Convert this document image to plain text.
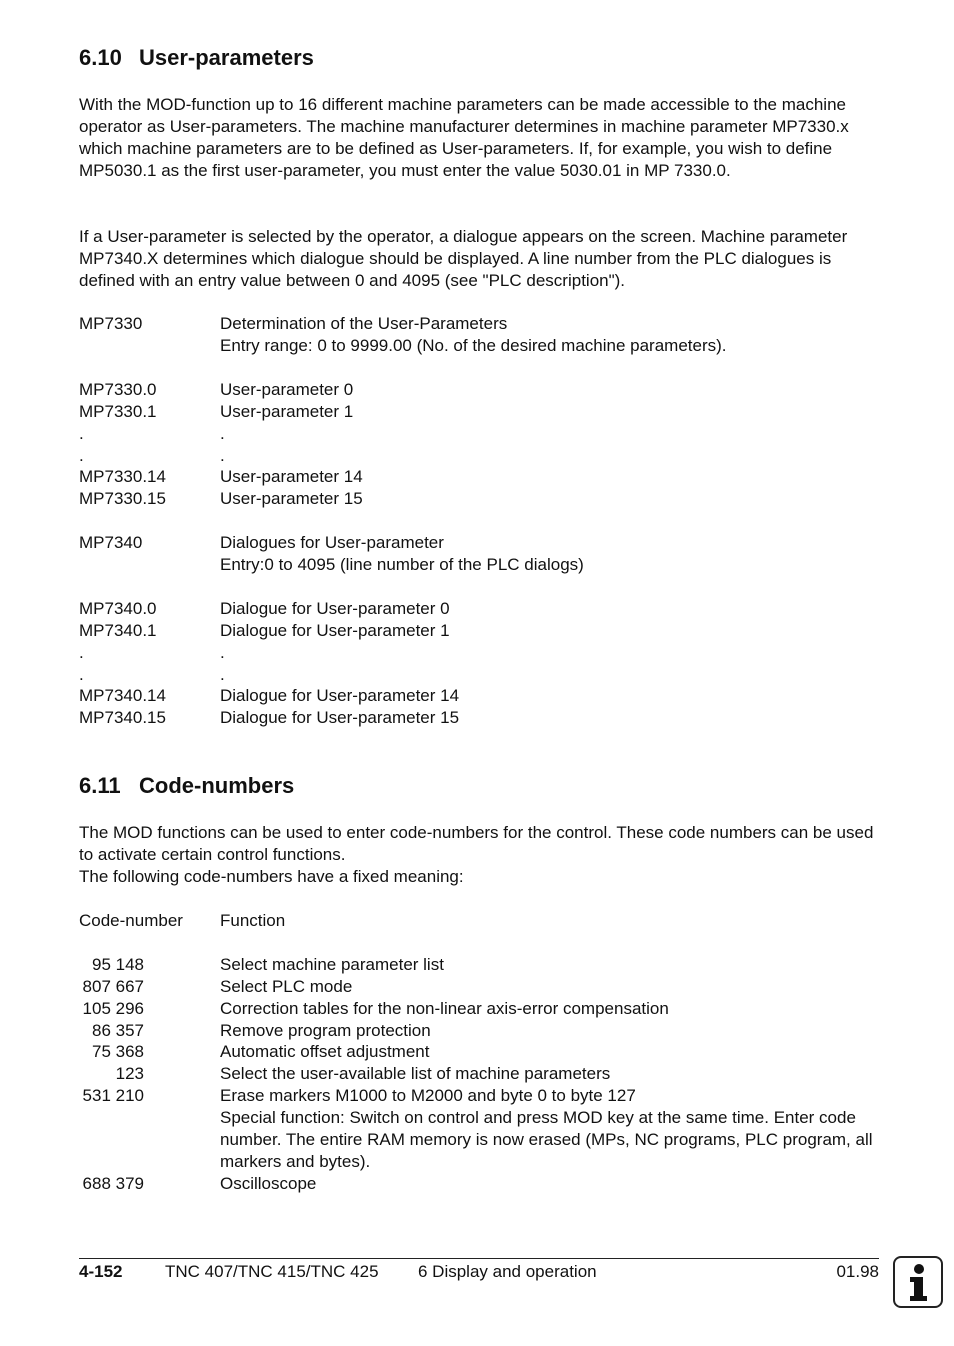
6.10 User-parameters

With the MOD-function up to 16 different machine parameters can be made accessible to the machine operator as User-parameters. The machine manufacturer determines in machine parameter MP7330.x which machine parameters are to be defined as User-parameters. If, for example, you wish to define MP5030.1 as the first user-parameter, you must enter the value 5030.01 in MP 7330.0.

If a User-parameter is selected by the operator, a dialogue appears on the screen. Machine parameter MP7340.X determines which dialogue should be displayed. A line number from the PLC dialogues is defined with an entry value between 0 and 4095 (see "PLC description").

MP7330	Determination of the User-Parameters
Entry range: 0 to 9999.00 (No. of the desired machine parameters).
MP7330.0	User-parameter 0
MP7330.1	User-parameter 1
.	.
.	.
MP7330.14	User-parameter 14
MP7330.15	User-parameter 15
MP7340	Dialogues for User-parameter
Entry:0 to 4095 (line number of the PLC dialogs)
MP7340.0	Dialogue for User-parameter 0
MP7340.1	Dialogue for User-parameter 1
.	.
.	.
MP7340.14	Dialogue for User-parameter 14
MP7340.15	Dialogue for User-parameter 15
6.11 Code-numbers

The MOD functions can be used to enter code-numbers for the control. These code numbers can be used to activate certain control functions.

The following code-numbers have a fixed meaning:

Code-number	Function
95 148	Select machine parameter list
807 667	Select PLC mode
105 296	Correction tables for the non-linear axis-error compensation
86 357	Remove program protection
75 368	Automatic offset adjustment
123	Select the user-available list of machine parameters
531 210	Erase markers M1000 to M2000 and byte 0 to byte 127
Special function: Switch on control and press MOD key at the same time. Enter code number. The entire RAM memory is now erased (MPs, NC programs, PLC program, all markers and bytes).
688 379	Oscilloscope
4-152	TNC 407/TNC 415/TNC 425 6 Display and operation	01.98
